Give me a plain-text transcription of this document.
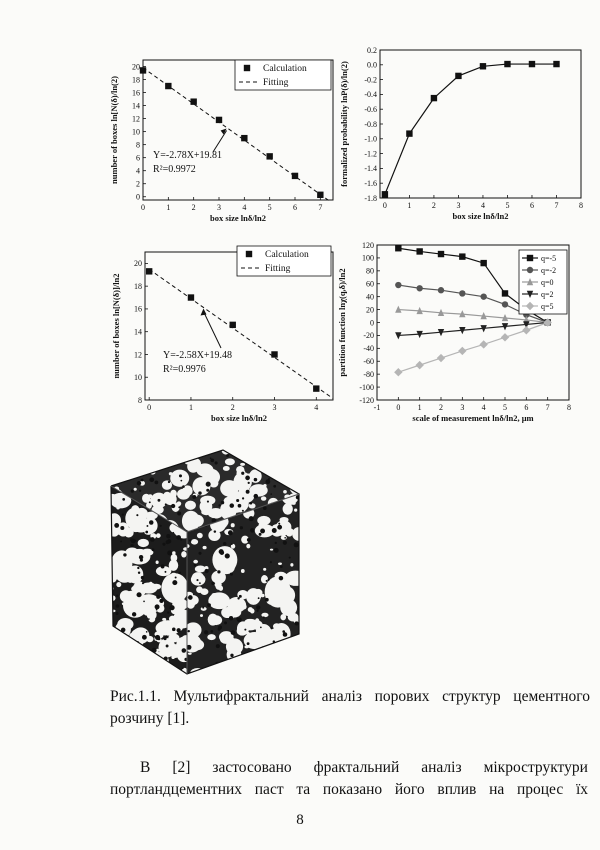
0	1	2	3	4	5	6	7
0
2
4
6
8
10
12
14
16
18
20
box size lnδ/ln2
number of boxes ln[N(δ)/ln(2)
Calculation
Fitting
Y=-2.78X+19.81
R²=0.9972
0	1	2	3	4	5	6	7	8
0.2
0.0
-0.2
-0.4
-0.6
-0.8
-1.0
-1.2
-1.4
-1.6
-1.8
box size lnδ/ln2
formalized probability lnP(δ)/ln(2)
0	1	2	3	4
8
10
12
14
16
18
20
box size lnδ/ln2
number of boxes ln[N(δ)]/ln2
Calculation
Fitting
Y=-2.58X+19.48
R²=0.9976
-1 0 1 2 3 4 5 6 7 8
120
100
80
60
40
20
0
-20
-40
-60
-80
-100
-120
scale of measurement lnδ/ln2, μm
partition function lnχ(q,δ)/ln2
q=-5
q=-2
q=0
q=2
q=5
Рис.1.1. Мультифрактальний аналіз порових структур цементного
розчину [1].
В [2] застосовано фрактальний аналіз мікроструктури
портландцементних паст та показано його вплив на процес їх
8
